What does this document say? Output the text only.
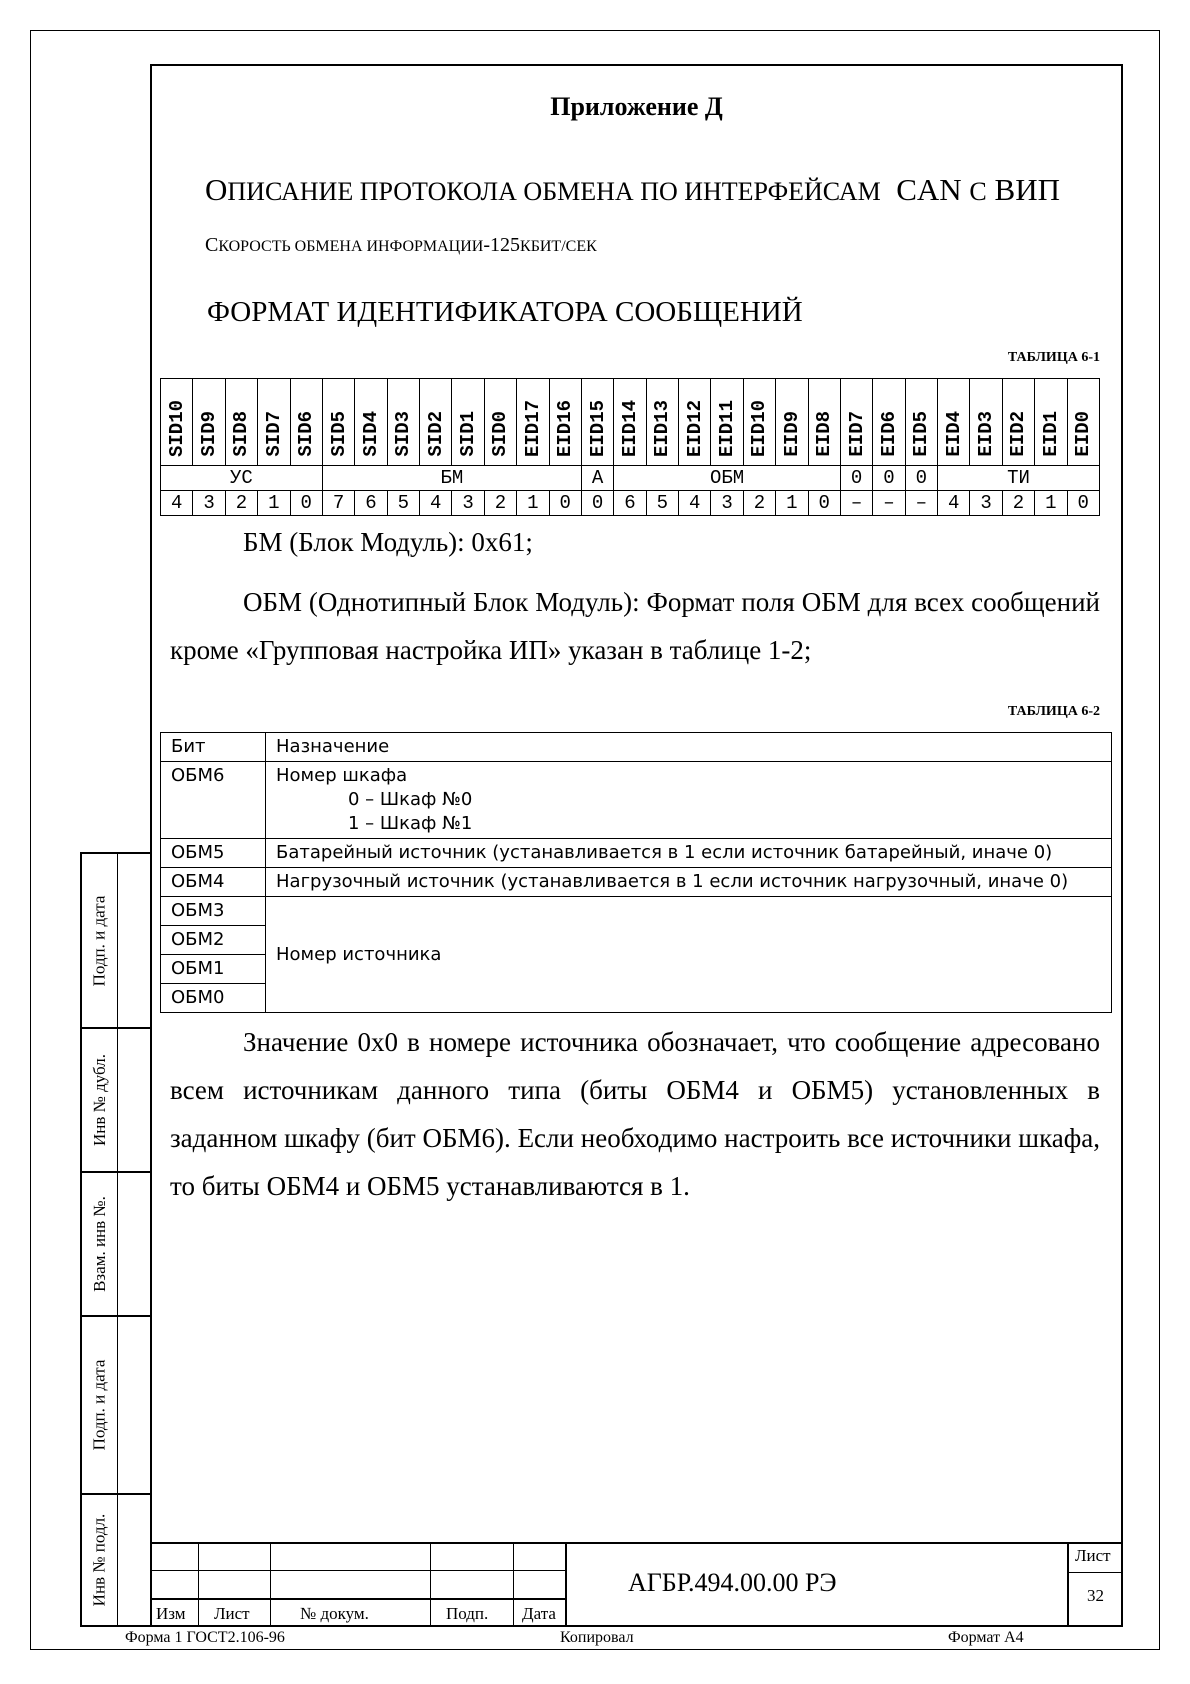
Подп. и дата
Инв № дубл.
Взам. инв №.
Подп. и дата
Инв № подл.
Приложение Д
ОПИСАНИЕ ПРОТОКОЛА ОБМЕНА ПО ИНТЕРФЕЙСАМ CAN С ВИП
СКОРОСТЬ ОБМЕНА ИНФОРМАЦИИ-125КБИТ/СЕК
ФОРМАТ ИДЕНТИФИКАТОРА СООБЩЕНИЙ
ТАБЛИЦА 6-1
SID10	SID9	SID8	SID7	SID6	SID5	SID4	SID3	SID2	SID1	SID0	EID17	EID16	EID15	EID14	EID13	EID12	EID11	EID10	EID9	EID8	EID7	EID6	EID5	EID4	EID3	EID2	EID1	EID0
УС					БМ								А	ОБМ							0	0	0	ТИ				
4	3	2	1	0	7	6	5	4	3	2	1	0	0	6	5	4	3	2	1	0	–	–	–	4	3	2	1	0
БМ (Блок Модуль): 0x61;
ОБМ (Однотипный Блок Модуль): Формат поля ОБМ для всех сообщений кроме «Групповая настройка ИП» указан в таблице 1-2;
ТАБЛИЦА 6-2
Бит	Назначение
ОБМ6	Номер шкафа
0 – Шкаф №0
1 – Шкаф №1

ОБМ5	Батарейный источник (устанавливается в 1 если источник батарейный, иначе 0)
ОБМ4	Нагрузочный источник (устанавливается в 1 если источник нагрузочный, иначе 0)
ОБМ3	Номер источника
ОБМ2	
ОБМ1	
ОБМ0	
Значение 0x0 в номере источника обозначает, что сообщение адресовано всем источникам данного типа (биты ОБМ4 и ОБМ5) установленных в заданном шкафу (бит ОБМ6). Если необходимо настроить все источники шкафа, то биты ОБМ4 и ОБМ5 устанавливаются в 1.
Изм Лист	№ докум.	Подп. Дата
АГБР.494.00.00 РЭ
Лист
32
Форма 1 ГОСТ2.106-96	Копировал	Формат А4
